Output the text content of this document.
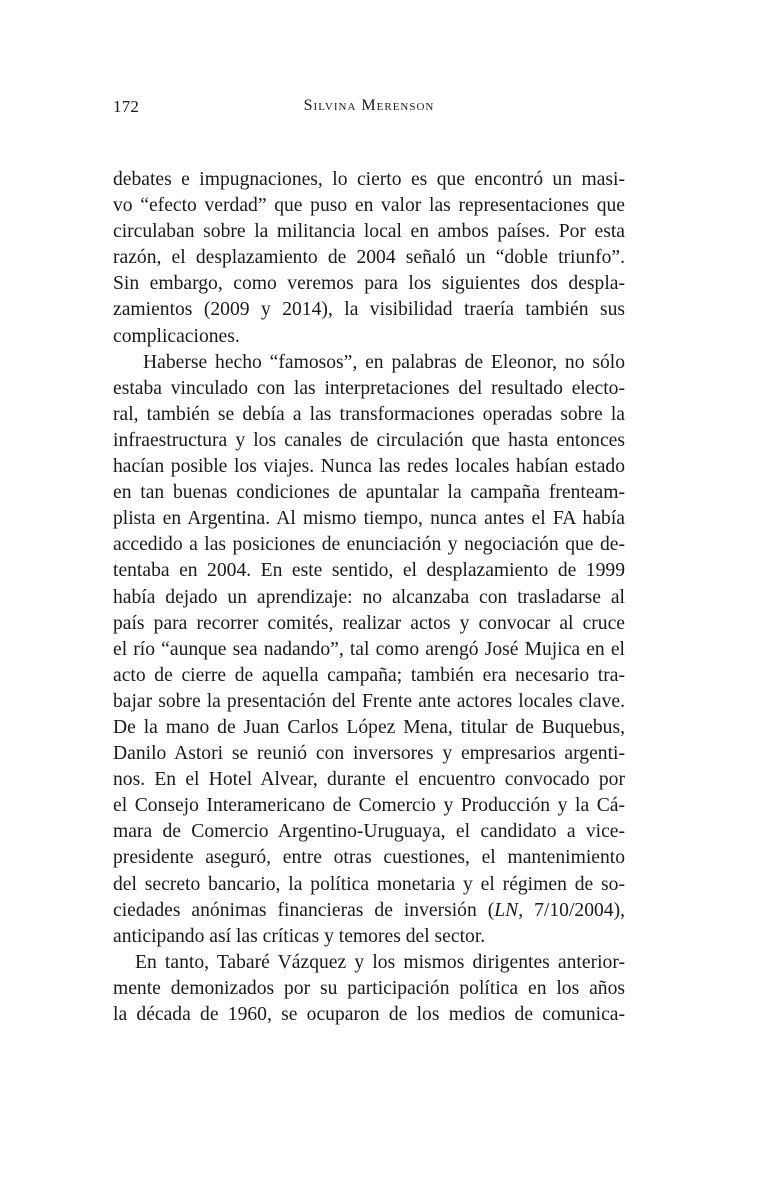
172	Silvina Merenson

debates e impugnaciones, lo cierto es que encontró un masi-
vo “efecto verdad” que puso en valor las representaciones que
circulaban sobre la militancia local en ambos países. Por esta
razón, el desplazamiento de 2004 señaló un “doble triunfo”.
Sin embargo, como veremos para los siguientes dos despla-
zamientos (2009 y 2014), la visibilidad traería también sus
complicaciones.

Haberse hecho “famosos”, en palabras de Eleonor, no sólo
estaba vinculado con las interpretaciones del resultado electo-
ral, también se debía a las transformaciones operadas sobre la
infraestructura y los canales de circulación que hasta entonces
hacían posible los viajes. Nunca las redes locales habían estado
en tan buenas condiciones de apuntalar la campaña frenteam-
plista en Argentina. Al mismo tiempo, nunca antes el FA había
accedido a las posiciones de enunciación y negociación que de-
tentaba en 2004. En este sentido, el desplazamiento de 1999
había dejado un aprendizaje: no alcanzaba con trasladarse al
país para recorrer comités, realizar actos y convocar al cruce
el río “aunque sea nadando”, tal como arengó José Mujica en el
acto de cierre de aquella campaña; también era necesario tra-
bajar sobre la presentación del Frente ante actores locales clave.
De la mano de Juan Carlos López Mena, titular de Buquebus,
Danilo Astori se reunió con inversores y empresarios argenti-
nos. En el Hotel Alvear, durante el encuentro convocado por
el Consejo Interamericano de Comercio y Producción y la Cá-
mara de Comercio Argentino-Uruguaya, el candidato a vice-
presidente aseguró, entre otras cuestiones, el mantenimiento
del secreto bancario, la política monetaria y el régimen de so-
ciedades anónimas financieras de inversión (LN, 7/10/2004),
anticipando así las críticas y temores del sector.

En tanto, Tabaré Vázquez y los mismos dirigentes anterior-
mente demonizados por su participación política en los años
la década de 1960, se ocuparon de los medios de comunica-
